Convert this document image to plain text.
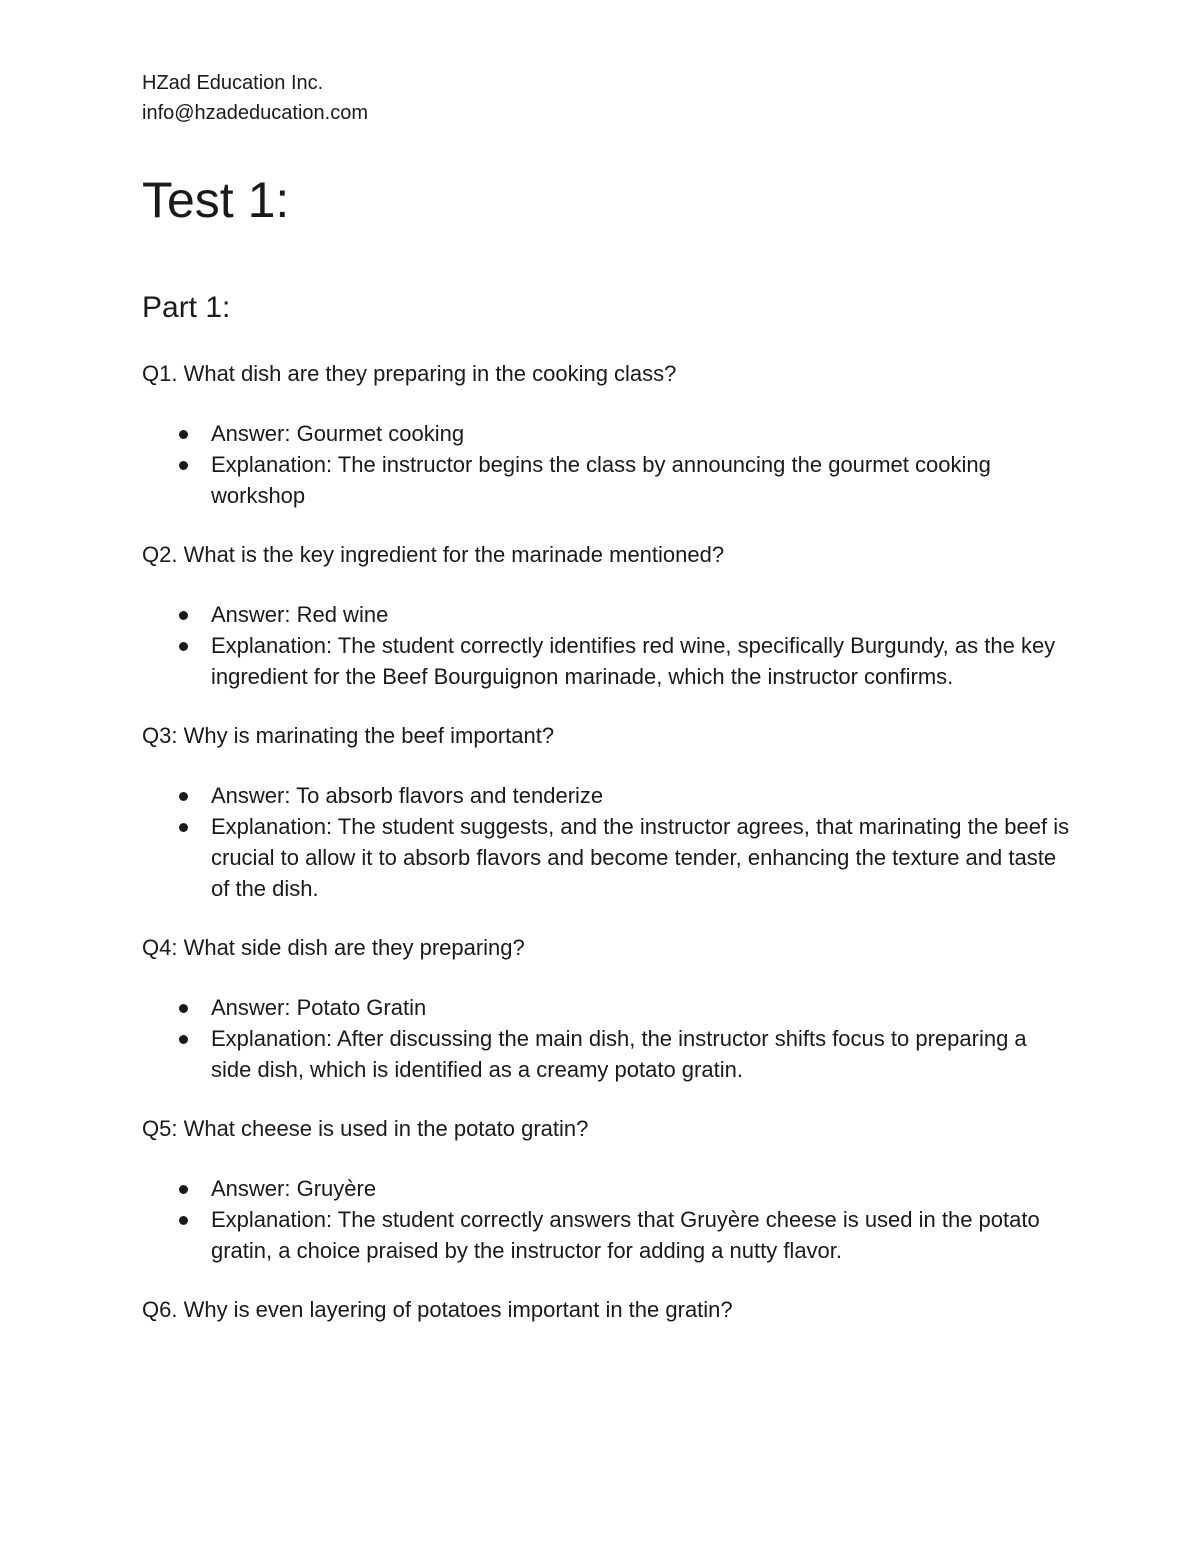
HZad Education Inc.

info@hzadeducation.com

Test 1:
Part 1:

Q1. What dish are they preparing in the cooking class?

Answer: Gourmet cooking
Explanation: The instructor begins the class by announcing the gourmet cooking workshop

Q2. What is the key ingredient for the marinade mentioned?

Answer: Red wine
Explanation: The student correctly identifies red wine, specifically Burgundy, as the key ingredient for the Beef Bourguignon marinade, which the instructor confirms.

Q3: Why is marinating the beef important?

Answer: To absorb flavors and tenderize
Explanation: The student suggests, and the instructor agrees, that marinating the beef is crucial to allow it to absorb flavors and become tender, enhancing the texture and taste of the dish.

Q4: What side dish are they preparing?

Answer: Potato Gratin
Explanation: After discussing the main dish, the instructor shifts focus to preparing a side dish, which is identified as a creamy potato gratin.

Q5: What cheese is used in the potato gratin?

Answer: Gruyère
Explanation: The student correctly answers that Gruyère cheese is used in the potato gratin, a choice praised by the instructor for adding a nutty flavor.

Q6. Why is even layering of potatoes important in the gratin?
